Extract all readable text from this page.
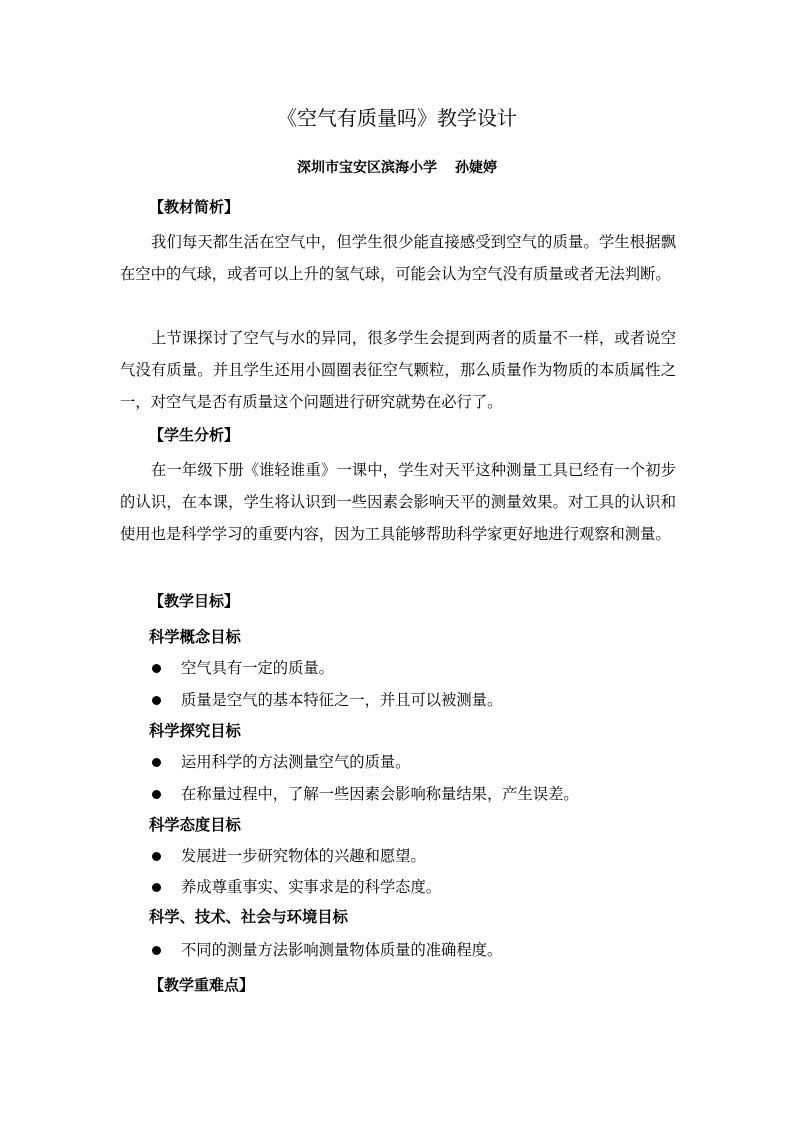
《空气有质量吗》教学设计
深圳市宝安区滨海小学 孙婕婷
【教材简析】
我们每天都生活在空气中，但学生很少能直接感受到空气的质量。学生根据飘在空中的气球，或者可以上升的氢气球，可能会认为空气没有质量或者无法判断。
上节课探讨了空气与水的异同，很多学生会提到两者的质量不一样，或者说空气没有质量。并且学生还用小圆圈表征空气颗粒，那么质量作为物质的本质属性之一，对空气是否有质量这个问题进行研究就势在必行了。
【学生分析】
在一年级下册《谁轻谁重》一课中，学生对天平这种测量工具已经有一个初步的认识，在本课，学生将认识到一些因素会影响天平的测量效果。对工具的认识和使用也是科学学习的重要内容，因为工具能够帮助科学家更好地进行观察和测量。
【教学目标】
科学概念目标
空气具有一定的质量。
质量是空气的基本特征之一，并且可以被测量。
科学探究目标
运用科学的方法测量空气的质量。
在称量过程中，了解一些因素会影响称量结果，产生误差。
科学态度目标
发展进一步研究物体的兴趣和愿望。
养成尊重事实、实事求是的科学态度。
科学、技术、社会与环境目标
不同的测量方法影响测量物体质量的准确程度。
【教学重难点】
